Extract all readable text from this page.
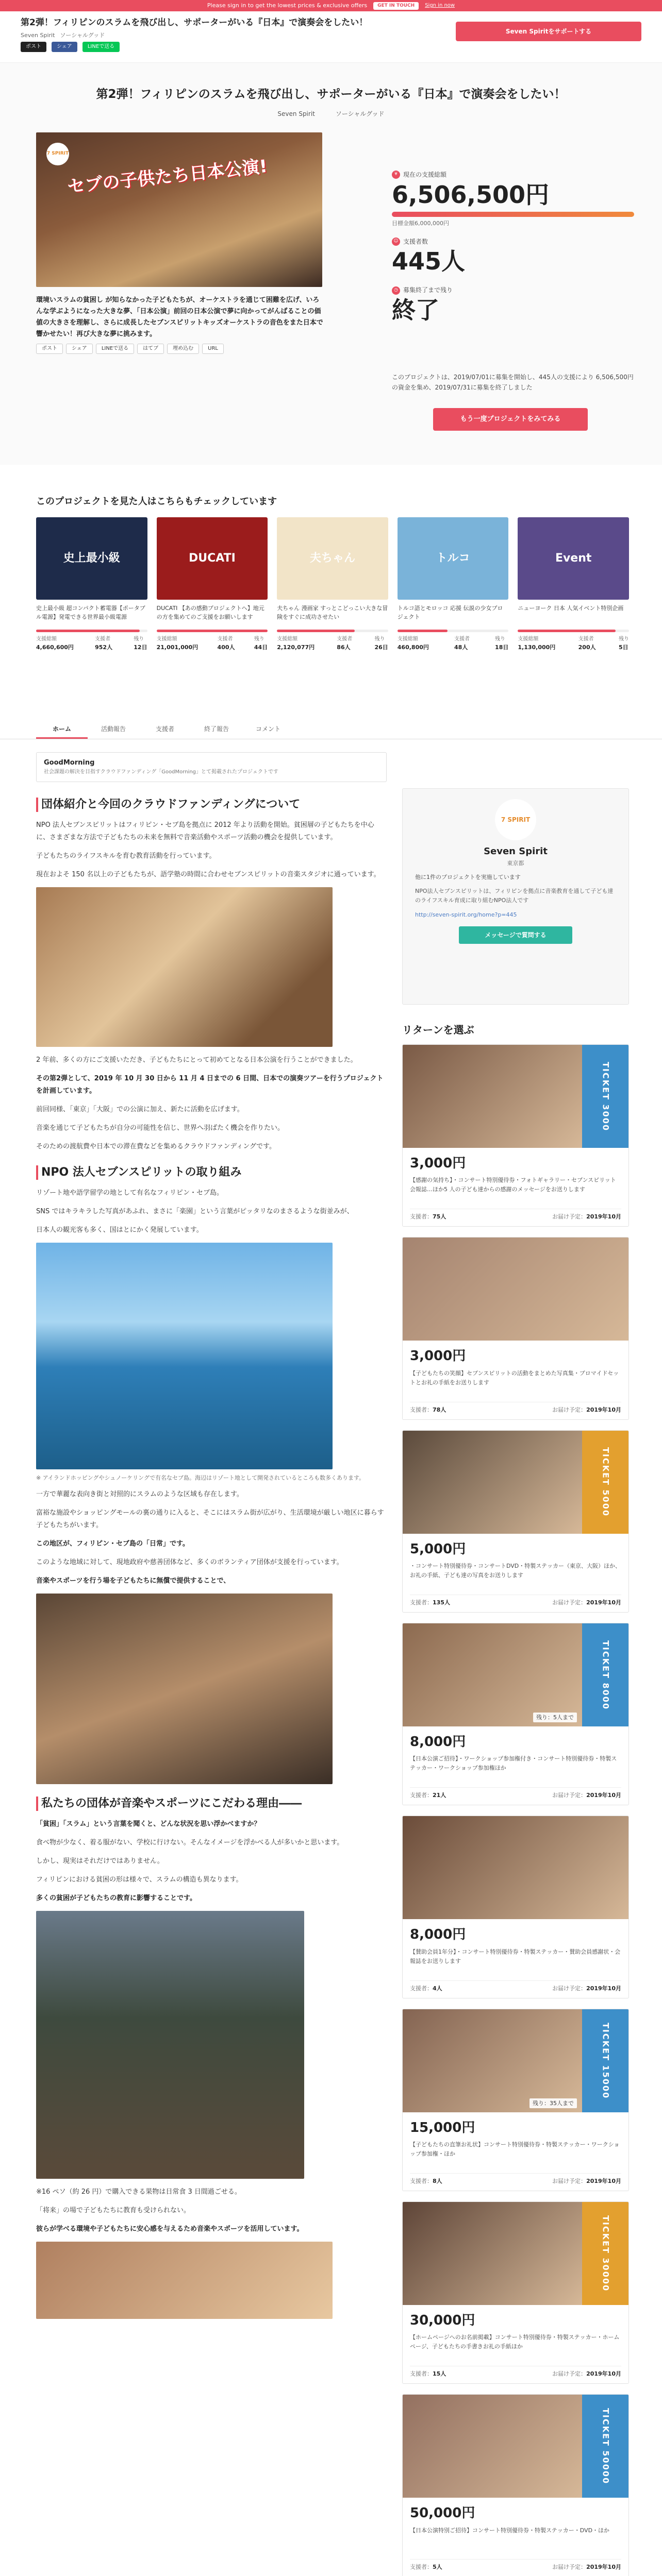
Please sign in to get the lowest prices & exclusive offers	GET IN TOUCH	Sign in now
第2弾！フィリピンのスラムを飛び出し、サポーターがいる『日本』で演奏会をしたい！
Seven Spirit ソーシャルグッド
ポスト	シェア	LINEで送る
Seven Spiritをサポートする
第2弾！フィリピンのスラムを飛び出し、サポーターがいる『日本』で演奏会をしたい！
Seven Spirit	ソーシャルグッド
7 SPIRIT
セブの子供たち日本公演!
環境いスラムの貧困し が知らなかった子どもたちが、オーケストラを通じて困難を広げ、いろんな学ぶようになった大きな夢、「日本公演」前回の日本公演で夢に向かってがんばることの価値の大きさを理解し、さらに成長したセブンスピリットキッズオーケストラの音色をまた日本で響かせたい！再び大きな夢に挑みます。
ポスト	シェア	LINEで送る	はてブ	埋め込む	URL
¥ 現在の支援総額
6,506,500円
目標金額6,000,000円
☺ 支援者数
445人
◷ 募集終了まで残り
終了
このプロジェクトは、2019/07/01に募集を開始し、445人の支援により 6,506,500円の資金を集め、2019/07/31に募集を終了しました
もう一度プロジェクトをみてみる
このプロジェクトを見た人はこちらもチェックしています
史上最小級
史上最小級 超コンパクト蓄電器【ポータブル電源】発電できる世界最小級電源
支援総額
4,660,600円
支援者
952人
残り
12日
DUCATI
DUCATI 【あの感動プロジェクトへ】地元の方を集めてのご支援をお願いします
支援総額
21,001,000円
支援者
400人
残り
44日
夫ちゃん
夫ちゃん 漫画家 すっとこどっこい大きな冒険をすぐに成功させたい
支援総額
2,120,077円
支援者
86人
残り
26日
トルコ
トルコ語とモロッコ 応援 伝説の少女プロジェクト
支援総額
460,800円
支援者
48人
残り
18日
Event
ニューヨーク 日本 人気イベント特別企画
支援総額
1,130,000円
支援者
200人
残り
5日
ホーム	活動報告	支援者	終了報告	コメント
GoodMorning
社会課題の解決を目指すクラウドファンディング「GoodMorning」とて掲載されたプロジェクトです
団体紹介と今回のクラウドファンディングについて

NPO 法人セブンスピリットはフィリピン・セブ島を拠点に 2012 年より活動を開始。貧困層の子どもたちを中心に、さまざまな方法で子どもたちの未来を無料で音楽活動やスポーツ活動の機会を提供しています。

子どもたちのライフスキルを育む教育活動を行っています。

現在およそ 150 名以上の子どもたちが、語学塾の時間に合わせセブンスピリットの音楽スタジオに通っています。

2 年前、多くの方にご支援いただき、子どもたちにとって初めてとなる日本公演を行うことができました。

その第2弾として、2019 年 10 月 30 日から 11 月 4 日までの 6 日間、日本での演奏ツアーを行うプロジェクトを計画しています。

前回同様、「東京」「大阪」での公演に加え、新たに活動を広げます。

音楽を通じて子どもたちが自分の可能性を信じ、世界へ羽ばたく機会を作りたい。

そのための渡航費や日本での滞在費などを集めるクラウドファンディングです。

NPO 法人セブンスピリットの取り組み

リゾート地や語学留学の地として有名なフィリピン・セブ島。

SNS ではキラキラした写真があふれ、まさに「楽園」という言葉がピッタリなのまさるような街並みが、

日本人の観光客も多く、国はとにかく発展しています。

※ アイランドホッピングやシュノーケリングで有名なセブ島。海辺はリゾート地として開発されているところも数多くあります。

一方で華麗な表向き街と対照的にスラムのような区域も存在します。

富裕な施設やショッピングモールの裏の通りに入ると、そこにはスラム街が広がり、生活環境が厳しい地区に暮らす子どもたちがいます。

この地区が、フィリピン・セブ島の「日常」です。

このような地域に対して、現地政府や慈善団体など、多くのボランティア団体が支援を行っています。

音楽やスポーツを行う場を子どもたちに無償で提供することで、

私たちの団体が音楽やスポーツにこだわる理由――

「貧困」「スラム」という言葉を聞くと、どんな状況を思い浮かべますか？

食べ物が少なく、着る服がない、学校に行けない。そんなイメージを浮かべる人が多いかと思います。

しかし、現実はそれだけではありません。

フィリピンにおける貧困の形は様々で、スラムの構造も異なります。

多くの貧困が子どもたちの教育に影響することです。

※16 ペソ（約 26 円）で購入できる果物は日常食 3 日間過ごせる。

「将来」の場で子どもたちに教育も受けられない。

彼らが学べる環境や子どもたちに安心感を与えるため音楽やスポーツを活用しています。

7 SPIRIT
Seven Spirit
東京都
他に1件のプロジェクトを実施しています
NPO法人セブンスピリットは、フィリピンを拠点に音楽教育を通して子ども達のライフスキル育成に取り組むNPO法人です
http://seven-spirit.org/home?p=445
メッセージで質問する
リターンを選ぶ
TICKET 3000
3,000円
【感謝の気持ち】・コンサート特別優待券・フォトギャラリー・セブンスピリット会報誌…ほか5 人の子ども達からの感謝のメッセージをお送りします
支援者：75人	お届け予定：2019年10月
3,000円
【子どもたちの笑顔】セブンスピリットの活動をまとめた写真集・ブロマイドセットとお礼の手紙をお送りします
支援者：78人	お届け予定：2019年10月
TICKET 5000
5,000円
・コンサート特別優待券・コンサートDVD・特製ステッカー（東京、大阪）ほか、お礼の手紙、子ども達の写真をお送りします
支援者：135人	お届け予定：2019年10月
TICKET 8000
残り：5人まで
8,000円
【日本公演ご招待】・ワークショップ参加権付き・コンサート特別優待券・特製ステッカー・ワークショップ参加権ほか
支援者：21人	お届け予定：2019年10月
8,000円
【賛助会員1年分】・コンサート特別優待券・特製ステッカー・賛助会員感謝状・会報誌をお送りします
支援者：4人	お届け予定：2019年10月
TICKET 15000
残り：35人まで
15,000円
【子どもたちの直筆お礼状】コンサート特別優待券・特製ステッカー・ワークショップ参加権・ほか
支援者：8人	お届け予定：2019年10月
TICKET 30000
30,000円
【ホームページへのお名前掲載】コンサート特別優待券・特製ステッカー・ホームページ、子どもたちの手書きお礼の手紙ほか
支援者：15人	お届け予定：2019年10月
TICKET 50000
50,000円
【日本公演特別ご招待】コンサート特別優待券・特製ステッカー・DVD・ほか
支援者：5人	お届け予定：2019年10月
